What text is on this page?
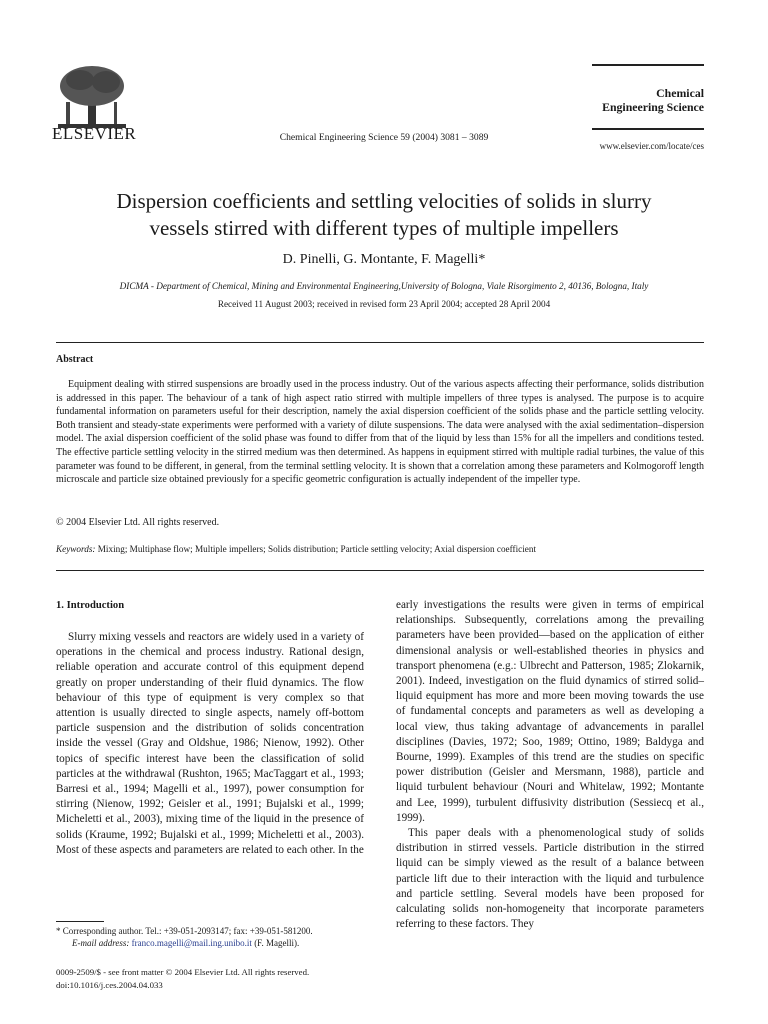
ELSEVIER	Chemical Engineering Science 59 (2004) 3081 – 3089
Chemical
Engineering Science
www.elsevier.com/locate/ces
Dispersion coefficients and settling velocities of solids in slurry
vessels stirred with different types of multiple impellers
D. Pinelli, G. Montante, F. Magelli*
DICMA - Department of Chemical, Mining and Environmental Engineering,University of Bologna, Viale Risorgimento 2, 40136, Bologna, Italy
Received 11 August 2003; received in revised form 23 April 2004; accepted 28 April 2004
Abstract
Equipment dealing with stirred suspensions are broadly used in the process industry. Out of the various aspects affecting their performance, solids distribution is addressed in this paper. The behaviour of a tank of high aspect ratio stirred with multiple impellers of three types is analysed. The purpose is to acquire fundamental information on parameters useful for their description, namely the axial dispersion coefficient of the solids phase and the particle settling velocity. Both transient and steady-state experiments were performed with a variety of dilute suspensions. The data were analysed with the axial sedimentation–dispersion model. The axial dispersion coefficient of the solid phase was found to differ from that of the liquid by less than 15% for all the impellers and conditions tested. The effective particle settling velocity in the stirred medium was then determined. As happens in equipment stirred with multiple radial turbines, the value of this parameter was found to be different, in general, from the terminal settling velocity. It is shown that a correlation among these parameters and Kolmogoroff length microscale and particle size obtained previously for a specific geometric configuration is actually independent of the impeller type.
© 2004 Elsevier Ltd. All rights reserved.
Keywords: Mixing; Multiphase flow; Multiple impellers; Solids distribution; Particle settling velocity; Axial dispersion coefficient
1. Introduction

Slurry mixing vessels and reactors are widely used in a variety of operations in the chemical and process industry. Rational design, reliable operation and accurate control of this equipment depend greatly on proper understanding of their fluid dynamics. The flow behaviour of this type of equipment is very complex so that attention is usually directed to single aspects, namely off-bottom particle suspension and the distribution of solids concentration inside the vessel (Gray and Oldshue, 1986; Nienow, 1992). Other topics of specific interest have been the classification of solid particles at the withdrawal (Rushton, 1965; MacTaggart et al., 1993; Barresi et al., 1994; Magelli et al., 1997), power consumption for stirring (Nienow, 1992; Geisler et al., 1991; Bujalski et al., 1999; Micheletti et al., 2003), mixing time of the liquid in the presence of solids (Kraume, 1992; Bujalski et al., 1999; Micheletti et al., 2003). Most of these aspects and parameters are related to each other. In the

early investigations the results were given in terms of empirical relationships. Subsequently, correlations among the prevailing parameters have been provided—based on the application of either dimensional analysis or well-established theories in physics and transport phenomena (e.g.: Ulbrecht and Patterson, 1985; Zlokarnik, 2001). Indeed, investigation on the fluid dynamics of stirred solid–liquid equipment has more and more been moving towards the use of fundamental concepts and parameters as well as developing a local view, thus taking advantage of advancements in parallel disciplines (Davies, 1972; Soo, 1989; Ottino, 1989; Baldyga and Bourne, 1999). Examples of this trend are the studies on specific power distribution (Geisler and Mersmann, 1988), particle and liquid turbulent behaviour (Nouri and Whitelaw, 1992; Montante and Lee, 1999), turbulent diffusivity distribution (Sessiecq et al., 1999).

This paper deals with a phenomenological study of solids distribution in stirred vessels. Particle distribution in the stirred liquid can be simply viewed as the result of a balance between particle lift due to their interaction with the liquid and turbulence and particle settling. Several models have been proposed for calculating solids non-homogeneity that incorporate parameters referring to these factors. They

* Corresponding author. Tel.: +39-051-2093147; fax: +39-051-581200.
E-mail address: franco.magelli@mail.ing.unibo.it (F. Magelli).
0009-2509/$ - see front matter © 2004 Elsevier Ltd. All rights reserved.
doi:10.1016/j.ces.2004.04.033
